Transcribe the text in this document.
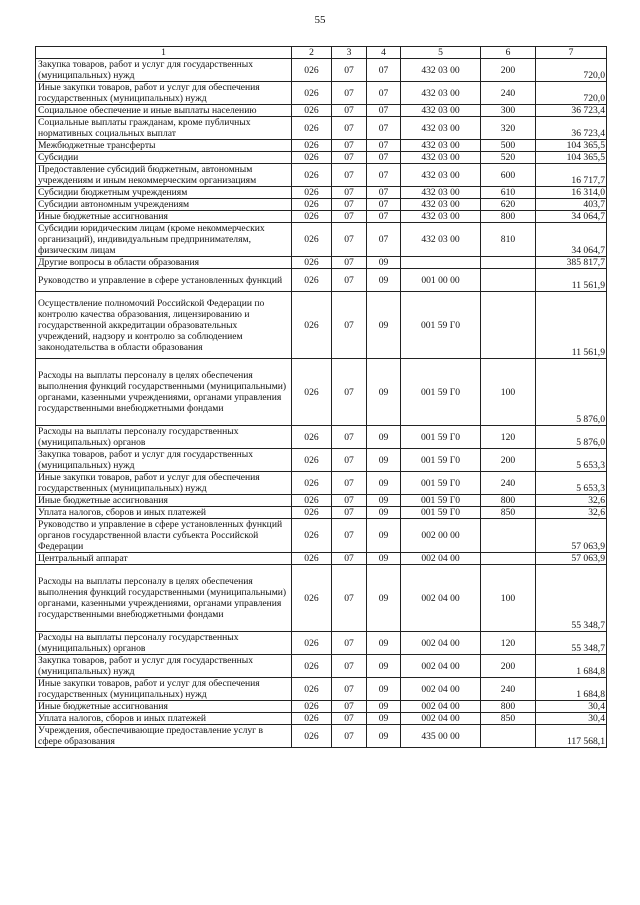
55
1	2	3	4	5	6	7
Закупка товаров, работ и услуг для государственных (муниципальных) нужд	026	07	07	432 03 00	200	720,0
Иные закупки товаров, работ и услуг для обеспечения государственных (муниципальных) нужд	026	07	07	432 03 00	240	720,0
Социальное обеспечение и иные выплаты населению	026	07	07	432 03 00	300	36 723,4
Социальные выплаты гражданам, кроме публичных нормативных социальных выплат	026	07	07	432 03 00	320	36 723,4
Межбюджетные трансферты	026	07	07	432 03 00	500	104 365,5
Субсидии	026	07	07	432 03 00	520	104 365,5
Предоставление субсидий бюджетным, автономным учреждениям и иным некоммерческим организациям	026	07	07	432 03 00	600	16 717,7
Субсидии бюджетным учреждениям	026	07	07	432 03 00	610	16 314,0
Субсидии автономным учреждениям	026	07	07	432 03 00	620	403,7
Иные бюджетные ассигнования	026	07	07	432 03 00	800	34 064,7
Субсидии юридическим лицам (кроме некоммерческих организаций), индивидуальным предпринимателям, физическим лицам	026	07	07	432 03 00	810	34 064,7
Другие вопросы в области образования	026	07	09			385 817,7
Руководство и управление в сфере установленных функций	026	07	09	001 00 00		11 561,9
Осуществление полномочий Российской Федерации по контролю качества образования, лицензированию и государственной аккредитации образовательных учреждений, надзору и контролю за соблюдением законодательства в области образования	026	07	09	001 59 Г0		11 561,9
Расходы на выплаты персоналу в целях обеспечения выполнения функций государственными (муниципальными) органами, казенными учреждениями, органами управления государственными внебюджетными фондами	026	07	09	001 59 Г0	100	5 876,0
Расходы на выплаты персоналу государственных (муниципальных) органов	026	07	09	001 59 Г0	120	5 876,0
Закупка товаров, работ и услуг для государственных (муниципальных) нужд	026	07	09	001 59 Г0	200	5 653,3
Иные закупки товаров, работ и услуг для обеспечения государственных (муниципальных) нужд	026	07	09	001 59 Г0	240	5 653,3
Иные бюджетные ассигнования	026	07	09	001 59 Г0	800	32,6
Уплата налогов, сборов и иных платежей	026	07	09	001 59 Г0	850	32,6
Руководство и управление в сфере установленных функций органов государственной власти субъекта Российской Федерации	026	07	09	002 00 00		57 063,9
Центральный аппарат	026	07	09	002 04 00		57 063,9
Расходы на выплаты персоналу в целях обеспечения выполнения функций государственными (муниципальными) органами, казенными учреждениями, органами управления государственными внебюджетными фондами	026	07	09	002 04 00	100	55 348,7
Расходы на выплаты персоналу государственных (муниципальных) органов	026	07	09	002 04 00	120	55 348,7
Закупка товаров, работ и услуг для государственных (муниципальных) нужд	026	07	09	002 04 00	200	1 684,8
Иные закупки товаров, работ и услуг для обеспечения государственных (муниципальных) нужд	026	07	09	002 04 00	240	1 684,8
Иные бюджетные ассигнования	026	07	09	002 04 00	800	30,4
Уплата налогов, сборов и иных платежей	026	07	09	002 04 00	850	30,4
Учреждения, обеспечивающие предоставление услуг в сфере образования	026	07	09	435 00 00		117 568,1
